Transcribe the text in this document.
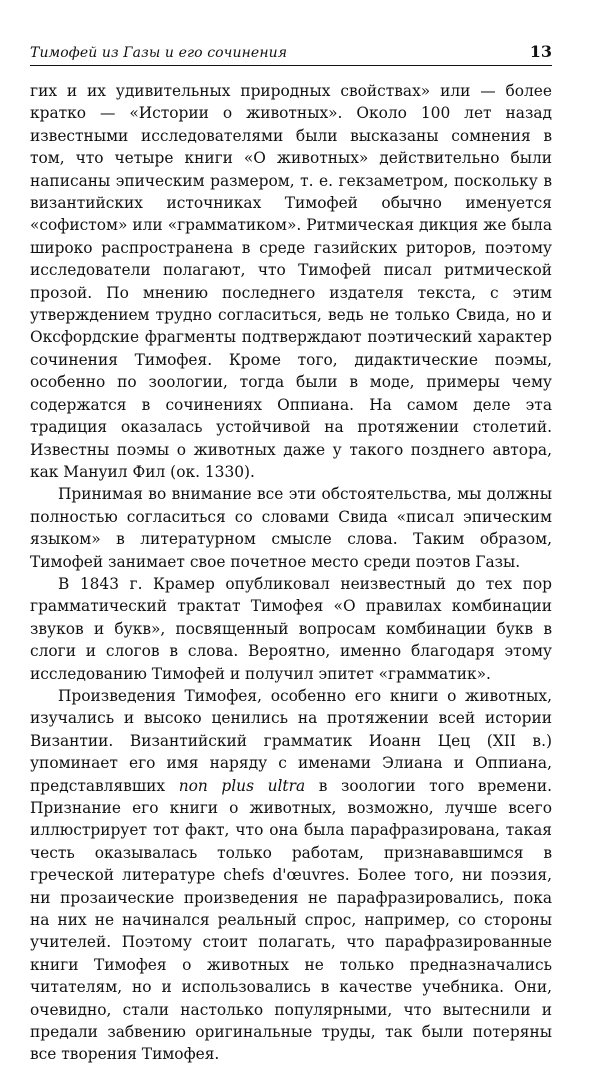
Тимофей из Газы и его сочинения	13

гих и их удивительных природных свойствах» или — более кратко — «Истории о животных». Около 100 лет назад известными исследователями были высказаны сомнения в том, что четыре книги «О животных» действительно были написаны эпическим размером, т. е. гекзаметром, поскольку в византийских источниках Тимофей обычно именуется «софистом» или «грамматиком». Ритмическая дикция же была широко распространена в среде газийских риторов, поэтому исследователи полагают, что Тимофей писал ритмической прозой. По мнению последнего издателя текста, с этим утверждением трудно согласиться, ведь не только Свида, но и Оксфордские фрагменты подтверждают поэтический характер сочинения Тимофея. Кроме того, дидактические поэмы, особенно по зоологии, тогда были в моде, примеры чему содержатся в сочинениях Оппиана. На самом деле эта традиция оказалась устойчивой на протяжении столетий. Известны поэмы о животных даже у такого позднего автора, как Мануил Фил (ок. 1330).

Принимая во внимание все эти обстоятельства, мы должны полностью согласиться со словами Свида «писал эпическим языком» в литературном смысле слова. Таким образом, Тимофей занимает свое почетное место среди поэтов Газы.

В 1843 г. Крамер опубликовал неизвестный до тех пор грамматический трактат Тимофея «О правилах комбинации звуков и букв», посвященный вопросам комбинации букв в слоги и слогов в слова. Вероятно, именно благодаря этому исследованию Тимофей и получил эпитет «грамматик».

Произведения Тимофея, особенно его книги о животных, изучались и высоко ценились на протяжении всей истории Византии. Византийский грамматик Иоанн Цец (XII в.) упоминает его имя наряду с именами Элиана и Оппиана, представлявших non plus ultra в зоологии того времени. Признание его книги о животных, возможно, лучше всего иллюстрирует тот факт, что она была парафразирована, такая честь оказывалась только работам, признававшимся в греческой литературе chefs d'œuvres. Более того, ни поэзия, ни прозаические произведения не парафразировались, пока на них не начинался реальный спрос, например, со стороны учителей. Поэтому стоит полагать, что парафразированные книги Тимофея о животных не только предназначались читателям, но и использовались в качестве учебника. Они, очевидно, стали настолько популярными, что вытеснили и предали забвению оригинальные труды, так были потеряны все творения Тимофея.
